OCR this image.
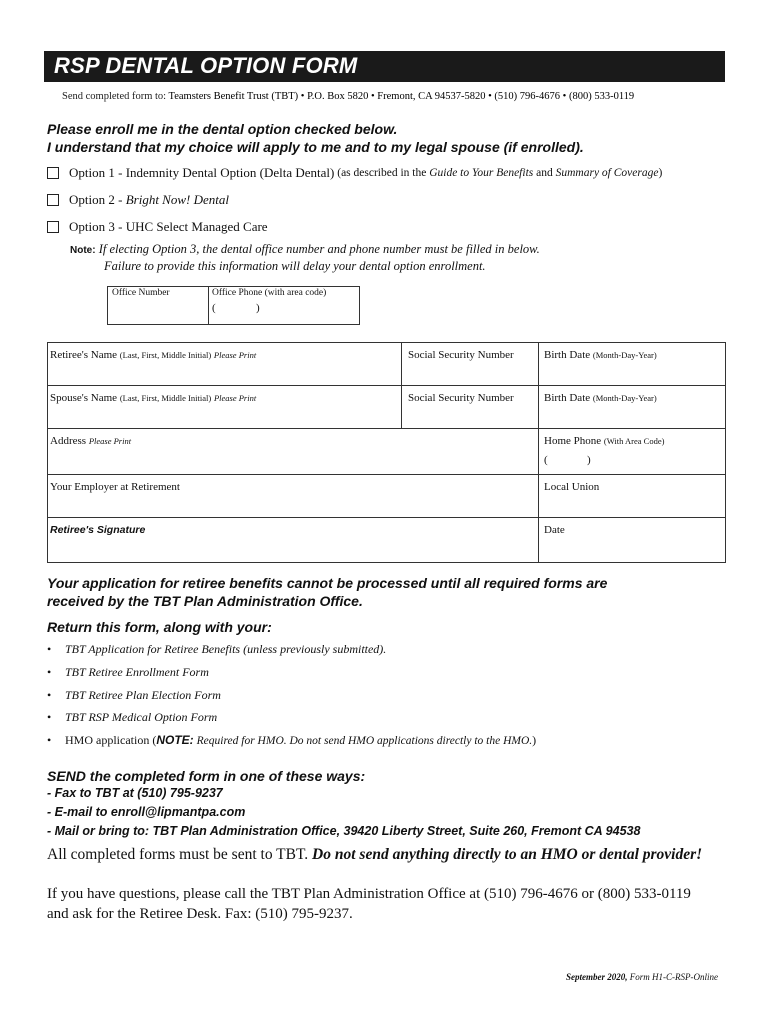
RSP DENTAL OPTION FORM
Send completed form to: Teamsters Benefit Trust (TBT) • P.O. Box 5820 • Fremont, CA 94537-5820 • (510) 796-4676 • (800) 533-0119
Please enroll me in the dental option checked below.
I understand that my choice will apply to me and to my legal spouse (if enrolled).
Option 1 - Indemnity Dental Option (Delta Dental) (as described in the Guide to Your Benefits and Summary of Coverage)
Option 2 -
Bright Now! Dental
Option 3 - UHC Select Managed Care
Note: If electing Option 3, the dental office number and phone number must be filled in below.
Failure to provide this information will delay your dental option enrollment.
Office Number	Office Phone (with area code)
(	)
Retiree's Name (Last, First, Middle Initial) Please Print	Social Security Number	Birth Date (Month-Day-Year)
Spouse's Name (Last, First, Middle Initial) Please Print	Social Security Number	Birth Date (Month-Day-Year)
Address Please Print	Home Phone (With Area Code)
(	)
Your Employer at Retirement	Local Union
Retiree's Signature	Date
Your application for retiree benefits cannot be processed until all required forms are
received by the TBT Plan Administration Office.
Return this form, along with your:
• TBT Application for Retiree Benefits (unless previously submitted).
• TBT Retiree Enrollment Form
• TBT Retiree Plan Election Form
• TBT RSP Medical Option Form
• HMO application (NOTE: Required for HMO. Do not send HMO applications directly to the HMO.)
SEND the completed form in one of these ways:
- Fax to TBT at (510) 795-9237
- E-mail to enroll@lipmantpa.com
- Mail or bring to: TBT Plan Administration Office, 39420 Liberty Street, Suite 260, Fremont CA 94538
All completed forms must be sent to TBT. Do not send anything directly to an HMO or dental provider!
If you have questions, please call the TBT Plan Administration Office at (510) 796-4676 or (800) 533-0119
and ask for the Retiree Desk. Fax: (510) 795-9237.
September 2020, Form H1-C-RSP-Online
